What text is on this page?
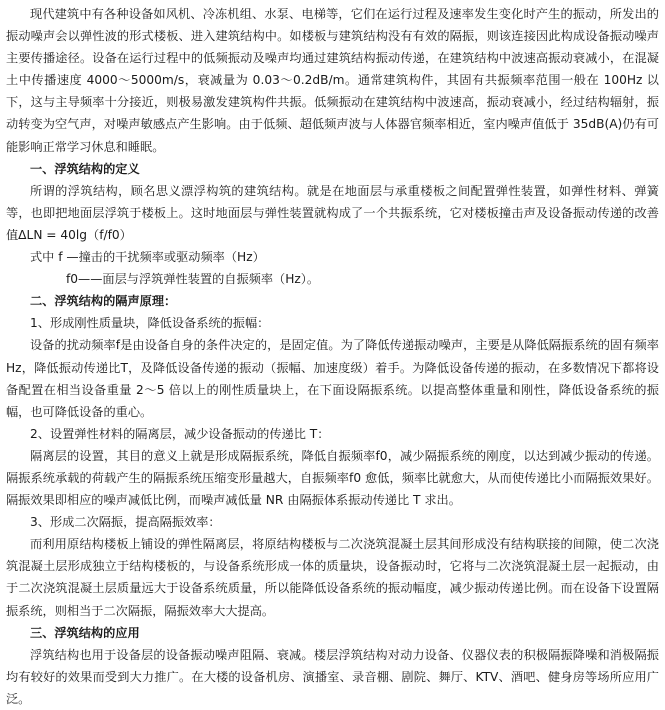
现代建筑中有各种设备如风机、冷冻机组、水泵、电梯等，它们在运行过程及速率发生变化时产生的振动，所发出的振动噪声会以弹性波的形式楼板、进入建筑结构中。如楼板与建筑结构没有有效的隔振，则该连接因此构成设备振动噪声主要传播途径。设备在运行过程中的低频振动及噪声均通过建筑结构振动传递，在建筑结构中波速高振动衰减小，在混凝土中传播速度 4000～5000m/s，衰减量为 0.03～0.2dB/m。通常建筑构件，其固有共振频率范围一般在 100Hz 以下，这与主导频率十分接近，则极易激发建筑构件共振。低频振动在建筑结构中波速高，振动衰减小，经过结构辐射，振动转变为空气声，对噪声敏感点产生影响。由于低频、超低频声波与人体器官频率相近，室内噪声值低于 35dB(A)仍有可能影响正常学习休息和睡眠。

一、浮筑结构的定义

所谓的浮筑结构，顾名思义漂浮构筑的建筑结构。就是在地面层与承重楼板之间配置弹性装置，如弹性材料、弹簧等，也即把地面层浮筑于楼板上。这时地面层与弹性装置就构成了一个共振系统，它对楼板撞击声及设备振动传递的改善值ΔLN = 40lg（f/f0）

式中 f —撞击的干扰频率或驱动频率（Hz）

f0——面层与浮筑弹性装置的自振频率（Hz）。

二、浮筑结构的隔声原理：

1、形成刚性质量块，降低设备系统的振幅：

设备的扰动频率f是由设备自身的条件决定的，是固定值。为了降低传递振动噪声，主要是从降低隔振系统的固有频率Hz，降低振动传递比T，及降低设备传递的振动（振幅、加速度级）着手。为降低设备传递的振动，在多数情况下都将设备配置在相当设备重量 2～5 倍以上的刚性质量块上，在下面设隔振系统。以提高整体重量和刚性，降低设备系统的振幅，也可降低设备的重心。

2、设置弹性材料的隔离层，减少设备振动的传递比 T：

隔离层的设置，其目的意义上就是形成隔振系统，降低自振频率f0，减少隔振系统的刚度，以达到减少振动的传递。隔振系统承载的荷载产生的隔振系统压缩变形量越大，自振频率f0 愈低，频率比就愈大，从而使传递比小而隔振效果好。隔振效果即相应的噪声减低比例，而噪声减低量 NR 由隔振体系振动传递比 T 求出。

3、形成二次隔振，提高隔振效率：

而利用原结构楼板上铺设的弹性隔离层，将原结构楼板与二次浇筑混凝土层其间形成没有结构联接的间隙，使二次浇筑混凝土层形成独立于结构楼板的，与设备系统形成一体的质量块，设备振动时，它将与二次浇筑混凝土层一起振动，由于二次浇筑混凝土层质量远大于设备系统质量，所以能降低设备系统的振动幅度，减少振动传递比例。而在设备下设置隔振系统，则相当于二次隔振，隔振效率大大提高。

三、浮筑结构的应用

浮筑结构也用于设备层的设备振动噪声阻隔、衰减。楼层浮筑结构对动力设备、仪器仪表的积极隔振降噪和消极隔振均有较好的效果而受到大力推广。在大楼的设备机房、演播室、录音棚、剧院、舞厅、KTV、酒吧、健身房等场所应用广泛。
